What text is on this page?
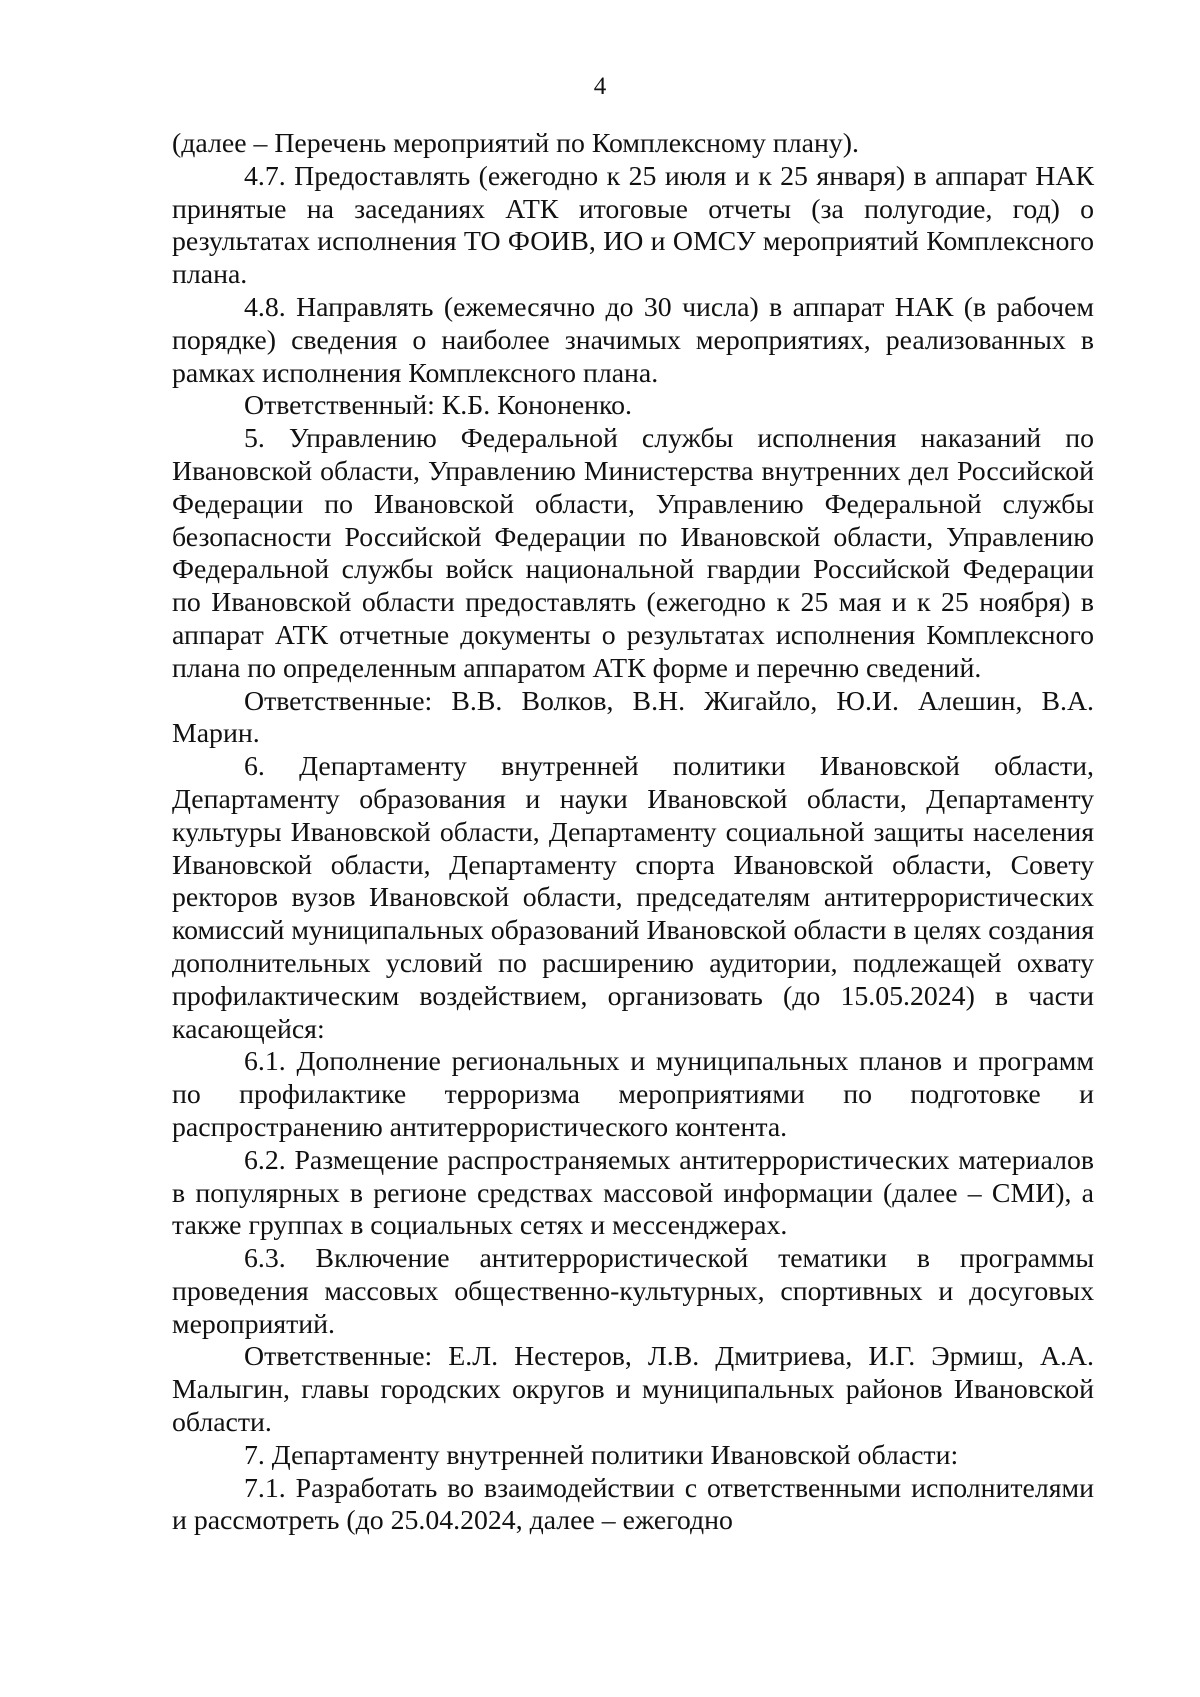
4

(далее – Перечень мероприятий по Комплексному плану).

4.7. Предоставлять (ежегодно к 25 июля и к 25 января) в аппарат НАК принятые на заседаниях АТК итоговые отчеты (за полугодие, год) о результатах исполнения ТО ФОИВ, ИО и ОМСУ мероприятий Комплексного плана.

4.8. Направлять (ежемесячно до 30 числа) в аппарат НАК (в рабочем порядке) сведения о наиболее значимых мероприятиях, реализованных в рамках исполнения Комплексного плана.

Ответственный: К.Б. Кононенко.

5. Управлению Федеральной службы исполнения наказаний по Ивановской области, Управлению Министерства внутренних дел Российской Федерации по Ивановской области, Управлению Федеральной службы безопасности Российской Федерации по Ивановской области, Управлению Федеральной службы войск национальной гвардии Российской Федерации по Ивановской области предоставлять (ежегодно к 25 мая и к 25 ноября) в аппарат АТК отчетные документы о результатах исполнения Комплексного плана по определенным аппаратом АТК форме и перечню сведений.

Ответственные: В.В. Волков, В.Н. Жигайло, Ю.И. Алешин, В.А. Марин.

6. Департаменту внутренней политики Ивановской области, Департаменту образования и науки Ивановской области, Департаменту культуры Ивановской области, Департаменту социальной защиты населения Ивановской области, Департаменту спорта Ивановской области, Совету ректоров вузов Ивановской области, председателям антитеррористических комиссий муниципальных образований Ивановской области в целях создания дополнительных условий по расширению аудитории, подлежащей охвату профилактическим воздействием, организовать (до 15.05.2024) в части касающейся:

6.1. Дополнение региональных и муниципальных планов и программ по профилактике терроризма мероприятиями по подготовке и распространению антитеррористического контента.

6.2. Размещение распространяемых антитеррористических материалов в популярных в регионе средствах массовой информации (далее – СМИ), а также группах в социальных сетях и мессенджерах.

6.3. Включение антитеррористической тематики в программы проведения массовых общественно-культурных, спортивных и досуговых мероприятий.

Ответственные: Е.Л. Нестеров, Л.В. Дмитриева, И.Г. Эрмиш, А.А. Малыгин, главы городских округов и муниципальных районов Ивановской области.

7. Департаменту внутренней политики Ивановской области:

7.1. Разработать во взаимодействии с ответственными исполнителями и рассмотреть (до 25.04.2024, далее – ежегодно
